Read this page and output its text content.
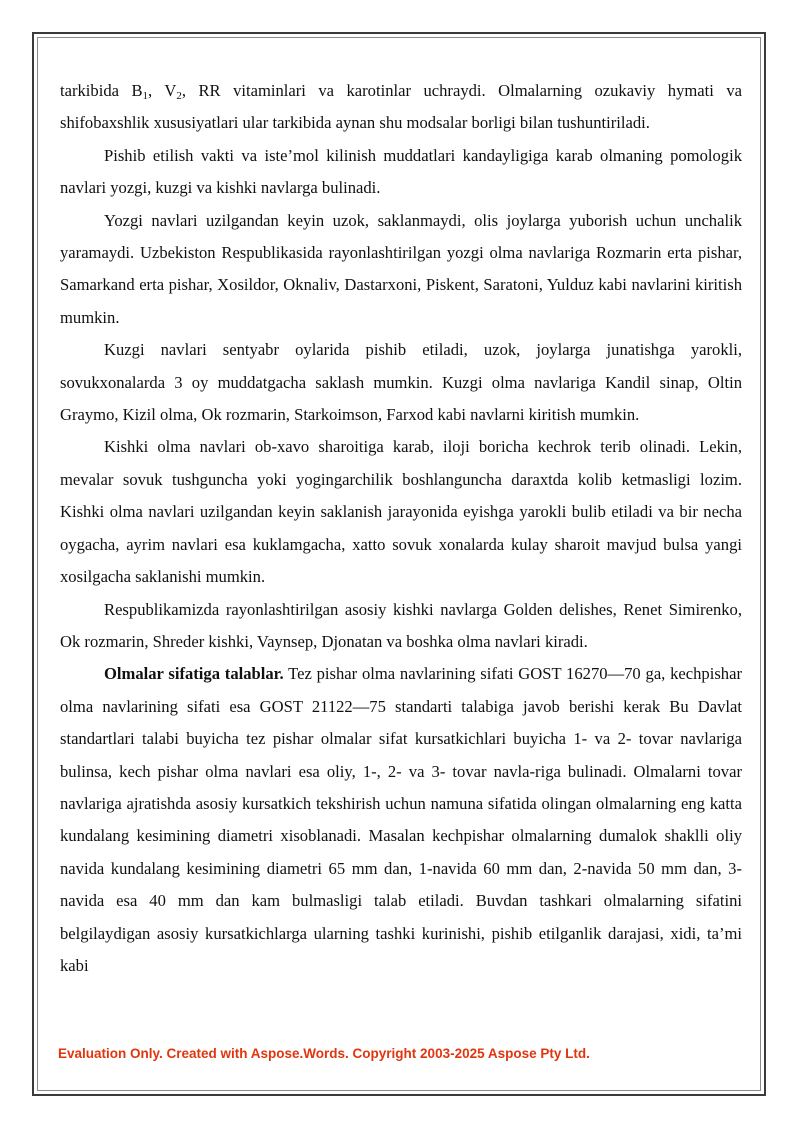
tarkibida $B_1$, $V_2$, RR vitaminlari va karotinlar uchraydi. Olmalarning ozukaviy hymati va shifobaxshlik xususiyatlari ular tarkibida aynan shu modsalar borligi bilan tushuntiriladi.

Pishib etilish vakti va iste’mol kilinish muddatlari kandayligiga karab olmaning pomologik navlari yozgi, kuzgi va kishki navlarga bulinadi.

Yozgi navlari uzilgandan keyin uzok, saklanmaydi, olis joylarga yuborish uchun unchalik yaramaydi. Uzbekiston Respublikasida rayonlashtirilgan yozgi olma navlariga Rozmarin erta pishar, Samarkand erta pishar, Xosildor, Oknaliv, Dastarxoni, Piskent, Saratoni, Yulduz kabi navlarini kiritish mumkin.

Kuzgi navlari sentyabr oylarida pishib etiladi, uzok, joylarga junatishga yarokli, sovukxonalarda 3 oy muddatgacha saklash mumkin. Kuzgi olma navlariga Kandil sinap, Oltin Graymo, Kizil olma, Ok rozmarin, Starkoimson, Farxod kabi navlarni kiritish mumkin.

Kishki olma navlari ob-xavo sharoitiga karab, iloji boricha kechrok terib olinadi. Lekin, mevalar sovuk tushguncha yoki yogingarchilik boshlanguncha daraxtda kolib ketmasligi lozim. Kishki olma navlari uzilgandan keyin saklanish jarayonida eyishga yarokli bulib etiladi va bir necha oygacha, ayrim navlari esa kuklamgacha, xatto sovuk xonalarda kulay sharoit mavjud bulsa yangi xosilgacha saklanishi mumkin.

Respublikamizda rayonlashtirilgan asosiy kishki navlarga Golden delishes, Renet Simirenko, Ok rozmarin, Shreder kishki, Vaynsep, Djonatan va boshka olma navlari kiradi.

Olmalar sifatiga talablar. Tez pishar olma navlarining sifati GOST 16270—70 ga, kechpishar olma navlarining sifati esa GOST 21122—75 standarti talabiga javob berishi kerak Bu Davlat standartlari talabi buyicha tez pishar olmalar sifat kursatkichlari buyicha 1- va 2- tovar navlariga bulinsa, kech pishar olma navlari esa oliy, 1-, 2- va 3- tovar navla-riga bulinadi. Olmalarni tovar navlariga ajratishda asosiy kursatkich tekshirish uchun namuna sifatida olingan olmalarning eng katta kundalang kesimining diametri xisoblanadi. Masalan kechpishar olmalarning dumalok shaklli oliy navida kundalang kesimining diametri 65 mm dan, 1-navida 60 mm dan, 2-navida 50 mm dan, 3-navida esa 40 mm dan kam bulmasligi talab etiladi. Buvdan tashkari olmalarning sifatini belgilaydigan asosiy kursatkichlarga ularning tashki kurinishi, pishib etilganlik darajasi, xidi, ta’mi kabi

Evaluation Only. Created with Aspose.Words. Copyright 2003-2025 Aspose Pty Ltd.
